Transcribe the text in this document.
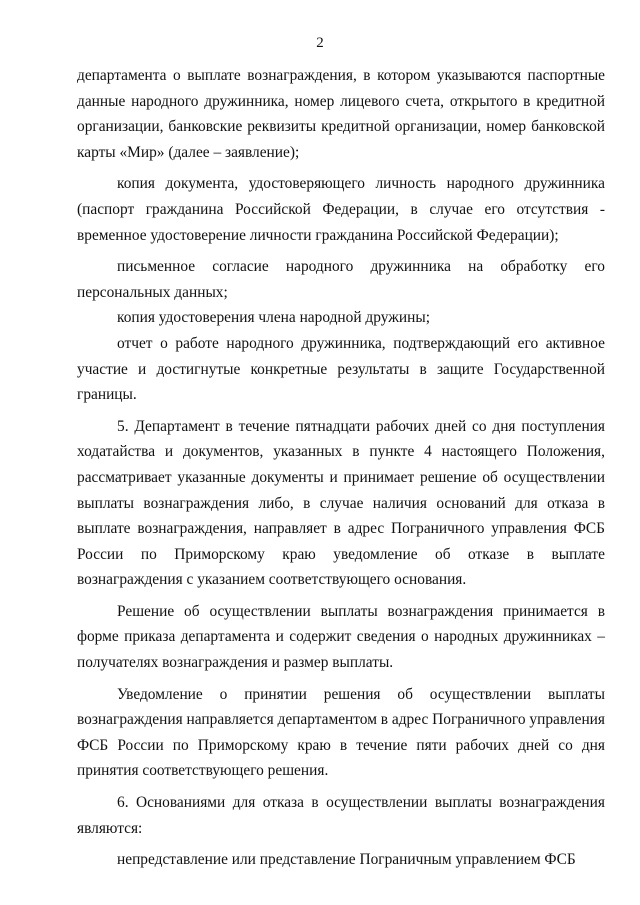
2

департамента о выплате вознаграждения, в котором указываются паспортные данные народного дружинника, номер лицевого счета, открытого в кредитной организации, банковские реквизиты кредитной организации, номер банковской карты «Мир» (далее – заявление);

копия документа, удостоверяющего личность народного дружинника (паспорт гражданина Российской Федерации, в случае его отсутствия - временное удостоверение личности гражданина Российской Федерации);

письменное согласие народного дружинника на обработку его персональных данных;

копия удостоверения члена народной дружины;

отчет о работе народного дружинника, подтверждающий его активное участие и достигнутые конкретные результаты в защите Государственной границы.

5. Департамент в течение пятнадцати рабочих дней со дня поступления ходатайства и документов, указанных в пункте 4 настоящего Положения, рассматривает указанные документы и принимает решение об осуществлении выплаты вознаграждения либо, в случае наличия оснований для отказа в выплате вознаграждения, направляет в адрес Пограничного управления ФСБ России по Приморскому краю уведомление об отказе в выплате вознаграждения с указанием соответствующего основания.

Решение об осуществлении выплаты вознаграждения принимается в форме приказа департамента и содержит сведения о народных дружинниках – получателях вознаграждения и размер выплаты.

Уведомление о принятии решения об осуществлении выплаты вознаграждения направляется департаментом в адрес Пограничного управления ФСБ России по Приморскому краю в течение пяти рабочих дней со дня принятия соответствующего решения.

6. Основаниями для отказа в осуществлении выплаты вознаграждения являются:

непредставление или представление Пограничным управлением ФСБ
